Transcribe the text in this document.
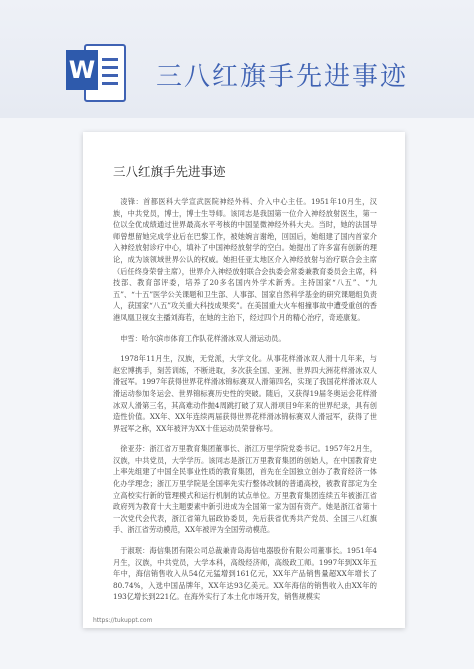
W 三八红旗手先进事迹
三八红旗手先进事迹

凌锋：首都医科大学宣武医院神经外科、介入中心主任。1951年10月生，汉族，中共党员，博士，博士生导师。该同志是我国第一位介入神经放射医生，第一位以全优成绩通过世界最高水平考核的中国显微神经外科大夫。当时，她的法国导师曾想留她完成学业后在巴黎工作，被她婉言谢绝，回国后，她组建了国内首家介入神经放射诊疗中心，填补了中国神经放射学的空白。她提出了许多富有创新的理论，成为该领域世界公认的权威。她担任亚太地区介入神经放射与治疗联合会主席（后任终身荣誉主席），世界介入神经放射联合会执委会常委兼教育委员会主席，科技部、教育部评委，培养了20多名国内外学术新秀。主持国家“八五”、“九五”、“十五”医学公关课题和卫生部、人事部、国家自然科学基金的研究课题组负责人，获国家“八五”攻关重大科技成果奖”。在美国重大火车相撞事故中遭受重创的香港凤凰卫视女主播刘海若，在她的主治下，经过四个月的精心治疗，奇迹康复。

申雪：哈尔滨市体育工作队花样滑冰双人滑运动员。

1978年11月生，汉族，无党派，大学文化。从事花样滑冰双人滑十几年来，与赵宏博携手，刻苦训练，不断进取，多次获全国、亚洲、世界四大洲花样滑冰双人滑冠军。1997年获得世界花样滑冰锦标赛双人滑第四名，实现了我国花样滑冰双人滑运动参加冬运会、世界锦标赛历史性的突破。随后，又获得19届冬奥运会花样滑冰双人滑第三名，其高难动作抛4周跳打破了双人滑项目9年来的世界纪录，具有创造性价值。XX年、XX年连续两届获得世界花样滑冰锦标赛双人滑冠军，获得了世界冠军之称，XX年被评为XX十佳运动员荣誉称号。

徐亚芬：浙江省万里教育集团董事长、浙江万里学院党委书记。1957年2月生，汉族，中共党员，大学学历。该同志是浙江万里教育集团的创始人，在中国教育史上率先组建了中国全民事业性质的教育集团，首先在全国独立创办了教育经济一体化办学理念；浙江万里学院是全国率先实行整体改制的普通高校，被教育部定为全立高校实行新的管理模式和运行机制的试点单位。万里教育集团连续五年被浙江省政府列为教育十大主题要素中新引进成为全国第一家为国有资产。她是浙江省第十一次党代会代表，浙江省第九届政协委员，先后获省优秀共产党员、全国三八红旗手、浙江省劳动模范，XX年被评为全国劳动模范。

于淑珉：海信集团有限公司总裁兼青岛海信电器股份有限公司董事长。1951年4月生，汉族，中共党员，大学本科，高级经济师，高级政工师。1997年到XX年五年中，海信销售收入从54亿元猛增到161亿元，XX年产品销售量超XX年增长了80.74%，入选中国品牌年，XX年达93亿美元。XX年海信的销售收入由XX年的193亿增长到221亿。在海外实行了本土化市场开发，销售规模实

https://tukuppt.com
